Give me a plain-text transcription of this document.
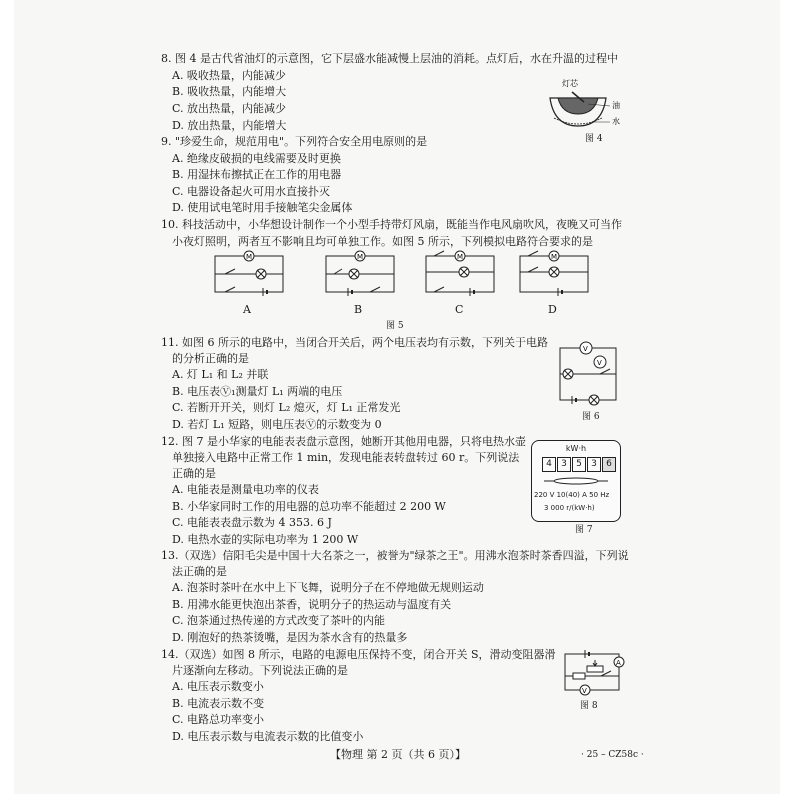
8. 图 4 是古代省油灯的示意图，它下层盛水能减慢上层油的消耗。点灯后，水在升温的过程中
A. 吸收热量，内能减少
B. 吸收热量，内能增大
C. 放出热量，内能减少
D. 放出热量，内能增大
灯芯
油
水
图 4
9. "珍爱生命，规范用电"。下列符合安全用电原则的是
A. 绝缘皮破损的电线需要及时更换
B. 用湿抹布擦拭正在工作的用电器
C. 电器设备起火可用水直接扑灭
D. 使用试电笔时用手接触笔尖金属体
10. 科技活动中，小华想设计制作一个小型手持带灯风扇，既能当作电风扇吹风，夜晚又可当作
小夜灯照明，两者互不影响且均可单独工作。如图 5 所示，下列模拟电路符合要求的是
M
A
M
B
M
C
M
D
图 5
11. 如图 6 所示的电路中，当闭合开关后，两个电压表均有示数，下列关于电路
的分析正确的是
A. 灯 L₁ 和 L₂ 并联
B. 电压表Ⓥ₁测量灯 L₁ 两端的电压
C. 若断开开关，则灯 L₂ 熄灭，灯 L₁ 正常发光
D. 若灯 L₁ 短路，则电压表Ⓥ的示数变为 0
V
V
图 6
12. 图 7 是小华家的电能表表盘示意图，她断开其他用电器，只将电热水壶
单独接入电路中正常工作 1 min，发现电能表转盘转过 60 r。下列说法
正确的是
A. 电能表是测量电功率的仪表
B. 小华家同时工作的用电器的总功率不能超过 2 200 W
C. 电能表表盘示数为 4 353. 6 J
D. 电热水壶的实际电功率为 1 200 W
kW·h
4	3	5	3	6
220 V 10(40) A 50 Hz
3 000 r/(kW·h)
图 7
13.（双选）信阳毛尖是中国十大名茶之一，被誉为"绿茶之王"。用沸水泡茶时茶香四溢，下列说
法正确的是
A. 泡茶时茶叶在水中上下飞舞，说明分子在不停地做无规则运动
B. 用沸水能更快泡出茶香，说明分子的热运动与温度有关
C. 泡茶通过热传递的方式改变了茶叶的内能
D. 刚泡好的热茶烫嘴，是因为茶水含有的热量多
14.（双选）如图 8 所示，电路的电源电压保持不变，闭合开关 S，滑动变阻器滑
片逐渐向左移动。下列说法正确的是
A. 电压表示数变小
B. 电流表示数不变
C. 电路总功率变小
D. 电压表示数与电流表示数的比值变小
A
V
图 8
【物理 第 2 页（共 6 页）】	· 25 – CZ58c ·
